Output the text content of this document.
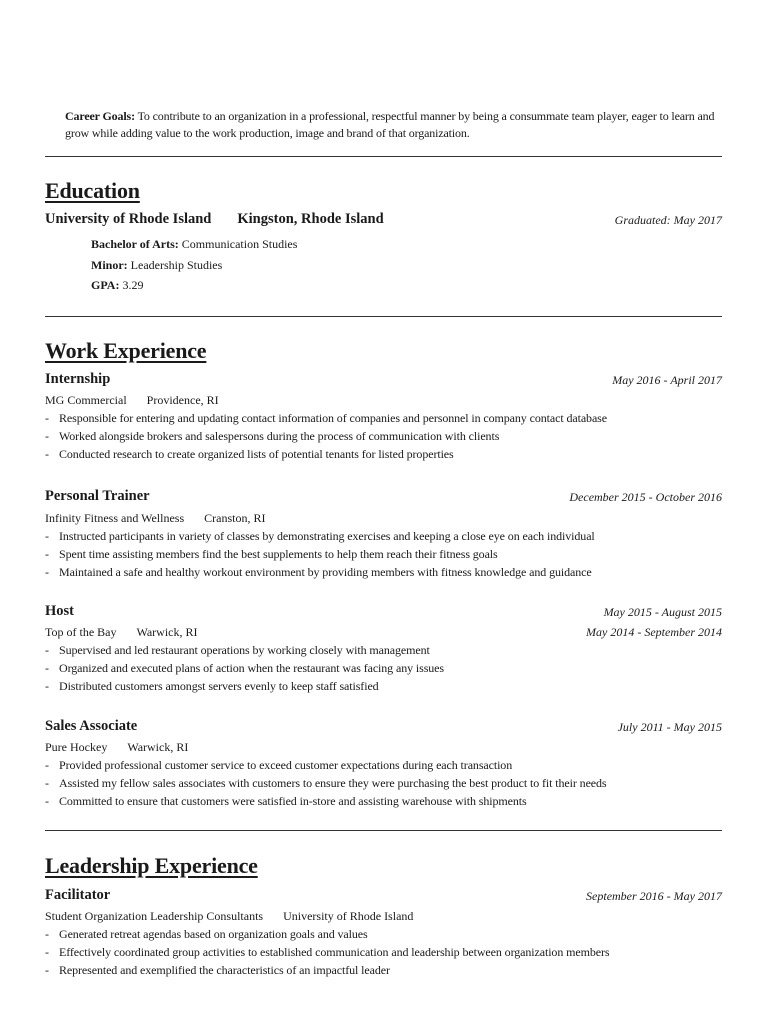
Career Goals: To contribute to an organization in a professional, respectful manner by being a consummate team player, eager to learn and grow while adding value to the work production, image and brand of that organization.
Education
University of Rhode Island Kingston, Rhode Island	Graduated: May 2017
Bachelor of Arts: Communication Studies
Minor: Leadership Studies
GPA: 3.29
Work Experience
Internship	May 2016 - April 2017
MG Commercial Providence, RI
- Responsible for entering and updating contact information of companies and personnel in company contact database
- Worked alongside brokers and salespersons during the process of communication with clients
- Conducted research to create organized lists of potential tenants for listed properties
Personal Trainer	December 2015 - October 2016
Infinity Fitness and Wellness Cranston, RI
- Instructed participants in variety of classes by demonstrating exercises and keeping a close eye on each individual
- Spent time assisting members find the best supplements to help them reach their fitness goals
- Maintained a safe and healthy workout environment by providing members with fitness knowledge and guidance
Host	May 2015 - August 2015
Top of the Bay Warwick, RI	May 2014 - September 2014
- Supervised and led restaurant operations by working closely with management
- Organized and executed plans of action when the restaurant was facing any issues
- Distributed customers amongst servers evenly to keep staff satisfied
Sales Associate	July 2011 - May 2015
Pure Hockey Warwick, RI
- Provided professional customer service to exceed customer expectations during each transaction
- Assisted my fellow sales associates with customers to ensure they were purchasing the best product to fit their needs
- Committed to ensure that customers were satisfied in-store and assisting warehouse with shipments
Leadership Experience
Facilitator	September 2016 - May 2017
Student Organization Leadership Consultants University of Rhode Island
- Generated retreat agendas based on organization goals and values
- Effectively coordinated group activities to established communication and leadership between organization members
- Represented and exemplified the characteristics of an impactful leader
